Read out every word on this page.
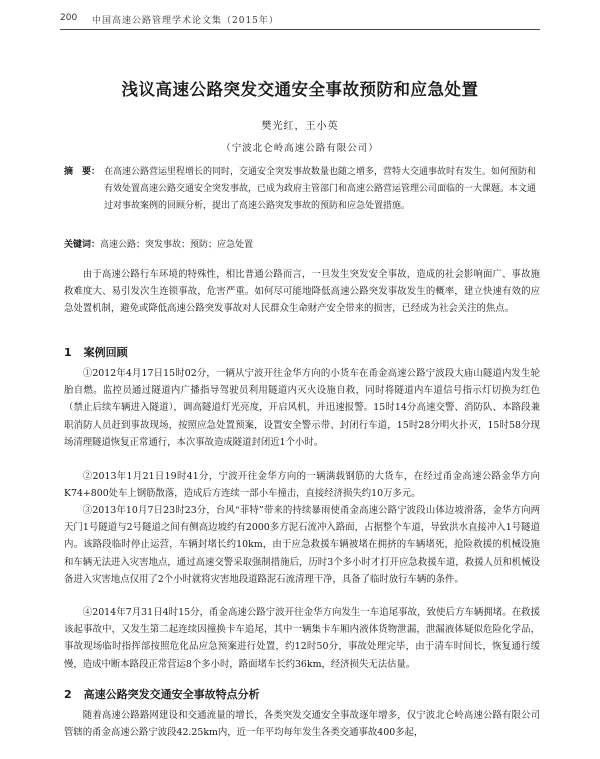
200 中国高速公路管理学术论文集（2015年）
浅议高速公路突发交通安全事故预防和应急处置
樊光红，王小英
（宁波北仑岭高速公路有限公司）
摘　要： 在高速公路营运里程增长的同时，交通安全突发事故数量也随之增多，营特大交通事故时有发生。如何预防和有效处置高速公路交通安全突发事故，已成为政府主管部门和高速公路营运管理公司面临的一大课题。本文通过对事故案例的回顾分析，提出了高速公路突发事故的预防和应急处置措施。
关键词：高速公路；突发事故；预防；应急处置
由于高速公路行车环境的特殊性，相比普通公路而言，一旦发生突发安全事故，造成的社会影响面广、事故施救难度大、易引发次生连锁事故，危害严重。如何尽可能地降低高速公路突发事故发生的概率，建立快速有效的应急处置机制，避免或降低高速公路突发事故对人民群众生命财产安全带来的损害，已经成为社会关注的焦点。
1 案例回顾
①2012年4月17日15时02分，一辆从宁波开往金华方向的小货车在甬金高速公路宁波段大庙山隧道内发生轮胎自燃。监控员通过隧道内广播指导驾驶员利用隧道内灭火设施自救，同时将隧道内车道信号指示灯切换为红色（禁止后续车辆进入隧道），调高隧道灯光亮度，开启风机，并迅速报警。15时14分高速交警、消防队、本路段兼职消防人员赶到事故现场，按照应急处置预案，设置安全警示带、封闭行车道，15时28分明火扑灭，15时58分现场清理隧道恢复正常通行，本次事故造成隧道封闭近1个小时。
②2013年1月21日19时41分，宁波开往金华方向的一辆满载钢筋的大货车，在经过甬金高速公路金华方向K74+800处车上钢筋散落，造成后方连续一部小车撞击，直接经济损失约10万多元。
③2013年10月7日23时23分，台风“菲特”带来的持续暴雨使甬金高速公路宁波段山体边坡滑落，金华方向两天门1号隧道与2号隧道之间有侧高边坡约有2000多方泥石流冲入路面，占据整个车道，导致洪水直接冲入1号隧道内。该路段临时停止运营，车辆封堵长约10km，由于应急救援车辆被堵在拥挤的车辆堵死，抢险救援的机械设施和车辆无法进入灾害地点，通过高速交警采取强制措施后，历时3个多小时才打开应急救援车道，救援人员和机械设备进入灾害地点仅用了2个小时就将灾害地段道路泥石流清理干净，具备了临时放行车辆的条件。
④2014年7月31日4时15分，甬金高速公路宁波开往金华方向发生一车追尾事故，致使后方车辆拥堵。在救援该起事故中，又发生第二起连续因撞换卡车追尾，其中一辆集卡车厢内液体货物泄漏，泄漏液体疑似危险化学品，事故现场临时指挥部按照危化品应急预案进行处置，约12时50分，事故处理完毕，由于清车时间长，恢复通行缓慢，造成中断本路段正常营运8个多小时，路面堵车长约36km，经济损失无法估量。
2 高速公路突发交通安全事故特点分析
随着高速公路路网建设和交通流量的增长，各类突发交通安全事故逐年增多，仅宁波北仑岭高速公路有限公司管辖的甬金高速公路宁波段42.25km内，近一年平均每年发生各类交通事故400多起，
